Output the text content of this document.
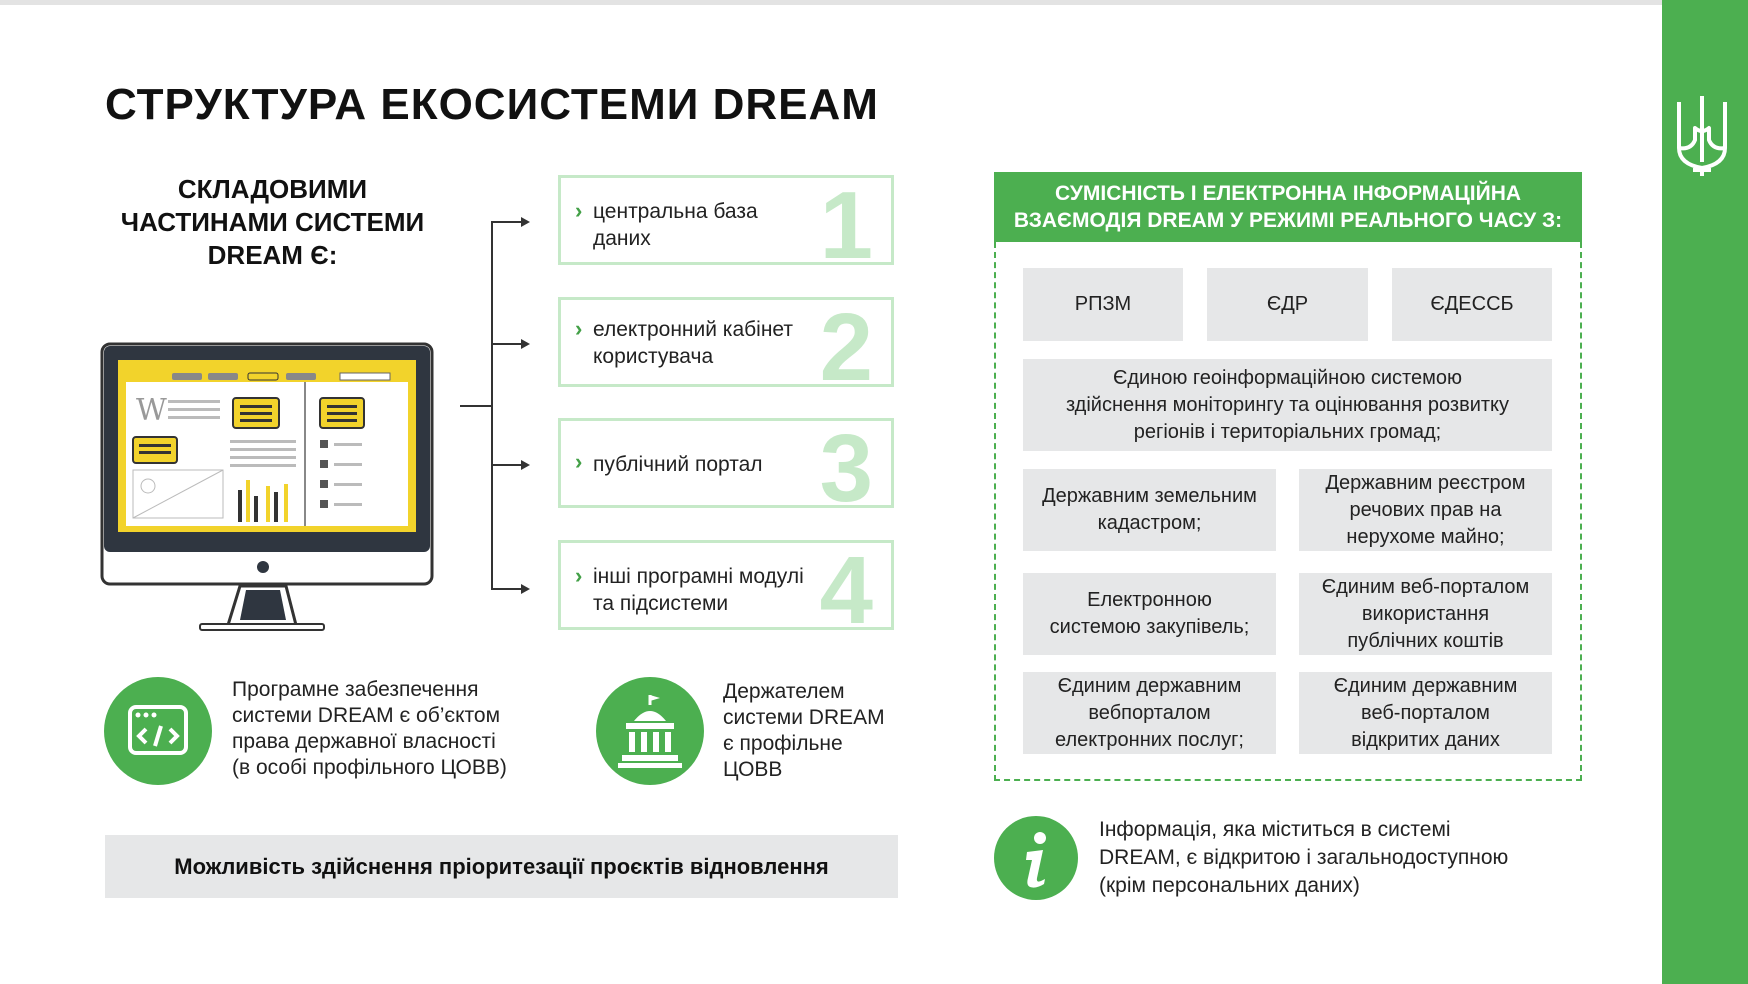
СТРУКТУРА ЕКОСИСТЕМИ DREAM
СКЛАДОВИМИ
ЧАСТИНАМИ СИСТЕМИ
DREAM Є:
W
› центральна база
даних	1
› електронний кабінет
користувача	2
› публічний портал 3
› інші програмні модулі
та підсистеми 4
Програмне забезпечення
системи DREAM є об’єктом
права державної власності
(в особі профільного ЦОВВ)
Держателем
системи DREAM
є профільне
ЦОВВ
Можливість здійснення пріоритезації проєктів відновлення
СУМІСНІСТЬ І ЕЛЕКТРОННА ІНФОРМАЦІЙНА
ВЗАЄМОДІЯ DREAM У РЕЖИМІ РЕАЛЬНОГО ЧАСУ З:
РПЗМ	ЄДР	ЄДЕССБ
Єдиною геоінформаційною системою
здійснення моніторингу та оцінювання розвитку
регіонів і територіальних громад;
Державним земельним
кадастром;
Державним реєстром
речових прав на
нерухоме майно;
Електронною
системою закупівель;
Єдиним веб-порталом
використання
публічних коштів
Єдиним державним
вебпорталом
електронних послуг;
Єдиним державним
веб-порталом
відкритих даних
Інформація, яка міститься в системі
DREAM, є відкритою і загальнодоступною
(крім персональних даних)
